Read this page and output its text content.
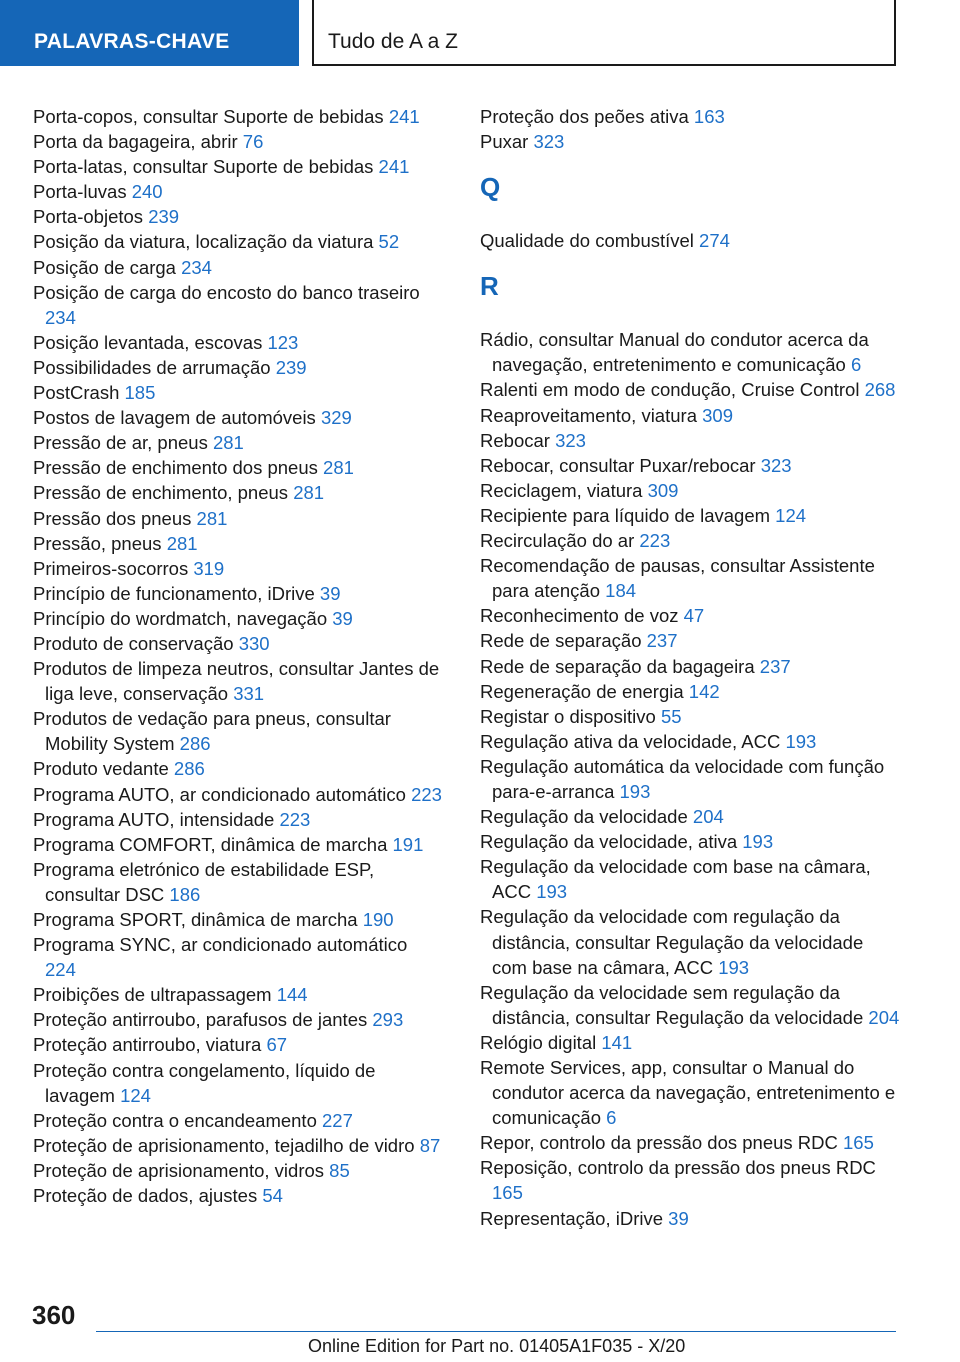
PALAVRAS-CHAVE	Tudo de A a Z
Porta-copos, consultar Suporte de bebidas 241
Porta da bagageira, abrir 76
Porta-latas, consultar Suporte de bebidas 241
Porta-luvas 240
Porta-objetos 239
Posição da viatura, localização da viatura 52
Posição de carga 234
Posição de carga do encosto do banco traseiro 234
Posição levantada, escovas 123
Possibilidades de arrumação 239
PostCrash 185
Postos de lavagem de automóveis 329
Pressão de ar, pneus 281
Pressão de enchimento dos pneus 281
Pressão de enchimento, pneus 281
Pressão dos pneus 281
Pressão, pneus 281
Primeiros-socorros 319
Princípio de funcionamento, iDrive 39
Princípio do wordmatch, navegação 39
Produto de conservação 330
Produtos de limpeza neutros, consultar Jantes de liga leve, conservação 331
Produtos de vedação para pneus, consultar Mobility System 286
Produto vedante 286
Programa AUTO, ar condicionado automático 223
Programa AUTO, intensidade 223
Programa COMFORT, dinâmica de marcha 191
Programa eletrónico de estabilidade ESP, consultar DSC 186
Programa SPORT, dinâmica de marcha 190
Programa SYNC, ar condicionado automático 224
Proibições de ultrapassagem 144
Proteção antirroubo, parafusos de jantes 293
Proteção antirroubo, viatura 67
Proteção contra congelamento, líquido de lavagem 124
Proteção contra o encandeamento 227
Proteção de aprisionamento, tejadilho de vidro 87
Proteção de aprisionamento, vidros 85
Proteção de dados, ajustes 54
Proteção dos peões ativa 163
Puxar 323
Q
Qualidade do combustível 274
R
Rádio, consultar Manual do condutor acerca da navegação, entretenimento e comunicação 6
Ralenti em modo de condução, Cruise Control 268
Reaproveitamento, viatura 309
Rebocar 323
Rebocar, consultar Puxar/rebocar 323
Reciclagem, viatura 309
Recipiente para líquido de lavagem 124
Recirculação do ar 223
Recomendação de pausas, consultar Assistente para atenção 184
Reconhecimento de voz 47
Rede de separação 237
Rede de separação da bagageira 237
Regeneração de energia 142
Registar o dispositivo 55
Regulação ativa da velocidade, ACC 193
Regulação automática da velocidade com função para-e-arranca 193
Regulação da velocidade 204
Regulação da velocidade, ativa 193
Regulação da velocidade com base na câmara, ACC 193
Regulação da velocidade com regulação da distância, consultar Regulação da velocidade com base na câmara, ACC 193
Regulação da velocidade sem regulação da distância, consultar Regulação da velocidade 204
Relógio digital 141
Remote Services, app, consultar o Manual do condutor acerca da navegação, entretenimento e comunicação 6
Repor, controlo da pressão dos pneus RDC 165
Reposição, controlo da pressão dos pneus RDC 165
Representação, iDrive 39
360
Online Edition for Part no. 01405A1F035 - X/20
